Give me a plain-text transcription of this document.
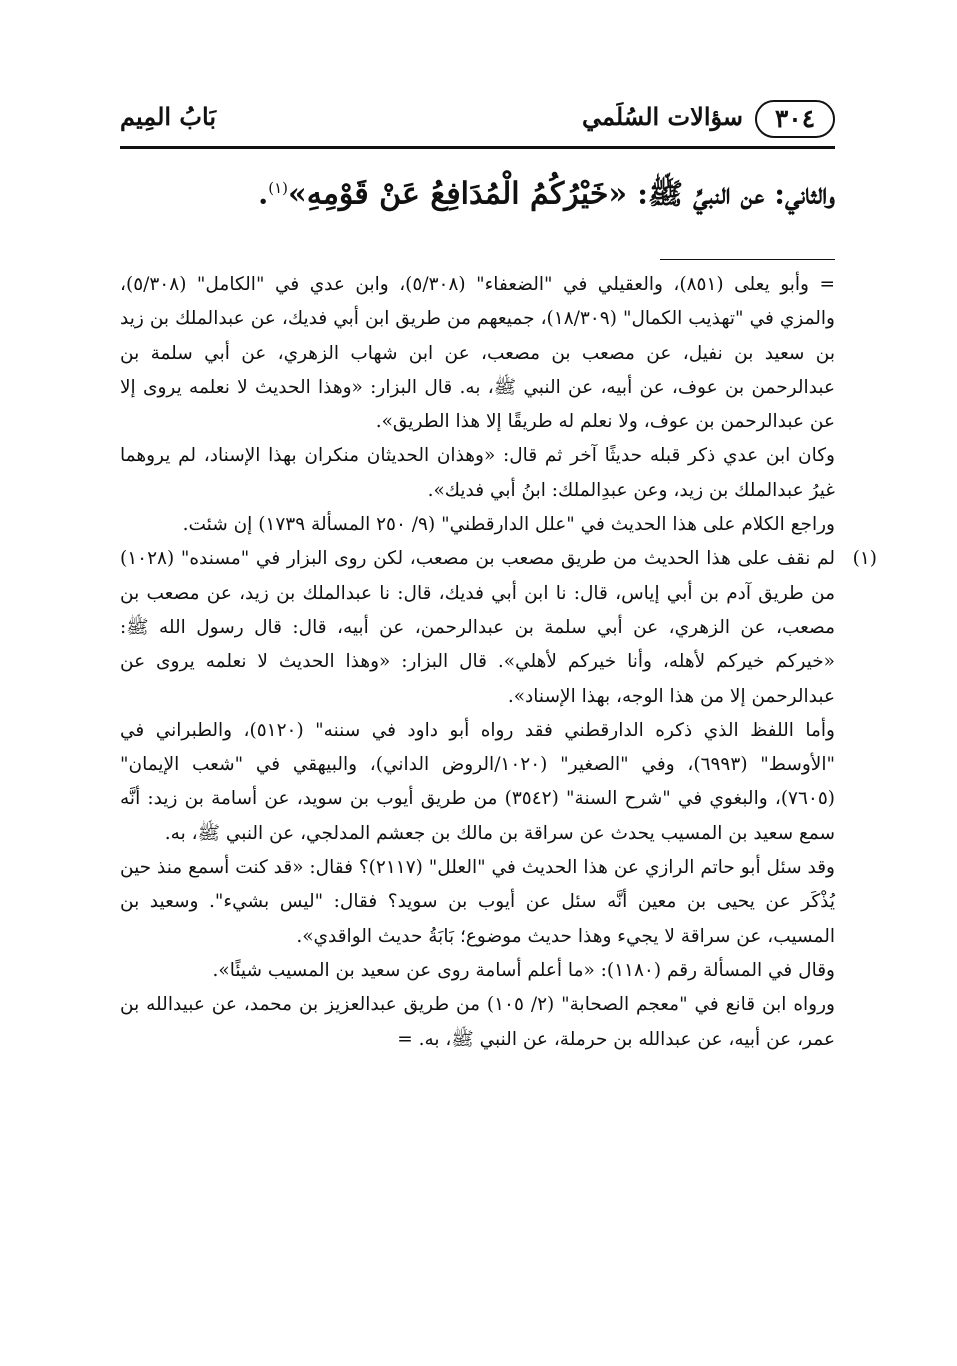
٣٠٤
سؤالات السُلَمي
بَابُ المِيم
والثاني: عن النبيِّ ﷺ: «خَيْرُكُمُ الْمُدَافِعُ عَنْ قَوْمِهِ»$^{(١)}$.

= وأبو يعلى (٨٥١)، والعقيلي في "الضعفاء" (٥/٣٠٨)، وابن عدي في "الكامل" (٥/٣٠٨)، والمزي في "تهذيب الكمال" (١٨/٣٠٩)، جميعهم من طريق ابن أبي فديك، عن عبدالملك بن زيد بن سعيد بن نفيل، عن مصعب بن مصعب، عن ابن شهاب الزهري، عن أبي سلمة بن عبدالرحمن بن عوف، عن أبيه، عن النبي ﷺ، به. قال البزار: «وهذا الحديث لا نعلمه يروى إلا عن عبدالرحمن بن عوف، ولا نعلم له طريقًا إلا هذا الطريق».

وكان ابن عدي ذكر قبله حديثًا آخر ثم قال: «وهذان الحديثان منكران بهذا الإسناد، لم يروهما غيرُ عبدالملك بن زيد، وعن عبدِالملك: ابنُ أبي فديك».

وراجع الكلام على هذا الحديث في "علل الدارقطني" (٩/ ٢٥٠ المسألة ١٧٣٩) إن شئت.

(١)

لم نقف على هذا الحديث من طريق مصعب بن مصعب، لكن روى البزار في "مسنده" (١٠٢٨) من طريق آدم بن أبي إياس، قال: نا ابن أبي فديك، قال: نا عبدالملك بن زيد، عن مصعب بن مصعب، عن الزهري، عن أبي سلمة بن عبدالرحمن، عن أبيه، قال: قال رسول الله ﷺ: «خيركم خيركم لأهله، وأنا خيركم لأهلي». قال البزار: «وهذا الحديث لا نعلمه يروى عن عبدالرحمن إلا من هذا الوجه، بهذا الإسناد».

وأما اللفظ الذي ذكره الدارقطني فقد رواه أبو داود في سننه" (٥١٢٠)، والطبراني في "الأوسط" (٦٩٩٣)، وفي "الصغير" (١٠٢٠/الروض الداني)، والبيهقي في "شعب الإيمان" (٧٦٠٥)، والبغوي في "شرح السنة" (٣٥٤٢) من طريق أيوب بن سويد، عن أسامة بن زيد: أنَّه سمع سعيد بن المسيب يحدث عن سراقة بن مالك بن جعشم المدلجي، عن النبي ﷺ، به.

وقد سئل أبو حاتم الرازي عن هذا الحديث في "العلل" (٢١١٧)؟ فقال: «قد كنت أسمع منذ حين يُذْكَر عن يحيى بن معين أنَّه سئل عن أيوب بن سويد؟ فقال: "ليس بشيء". وسعيد بن المسيب، عن سراقة لا يجيء وهذا حديث موضوع؛ بَابَةُ حديث الواقدي».

وقال في المسألة رقم (١١٨٠): «ما أعلم أسامة روى عن سعيد بن المسيب شيئًا».

ورواه ابن قانع في "معجم الصحابة" (٢/ ١٠٥) من طريق عبدالعزيز بن محمد، عن عبيدالله بن عمر، عن أبيه، عن عبدالله بن حرملة، عن النبي ﷺ، به. =
